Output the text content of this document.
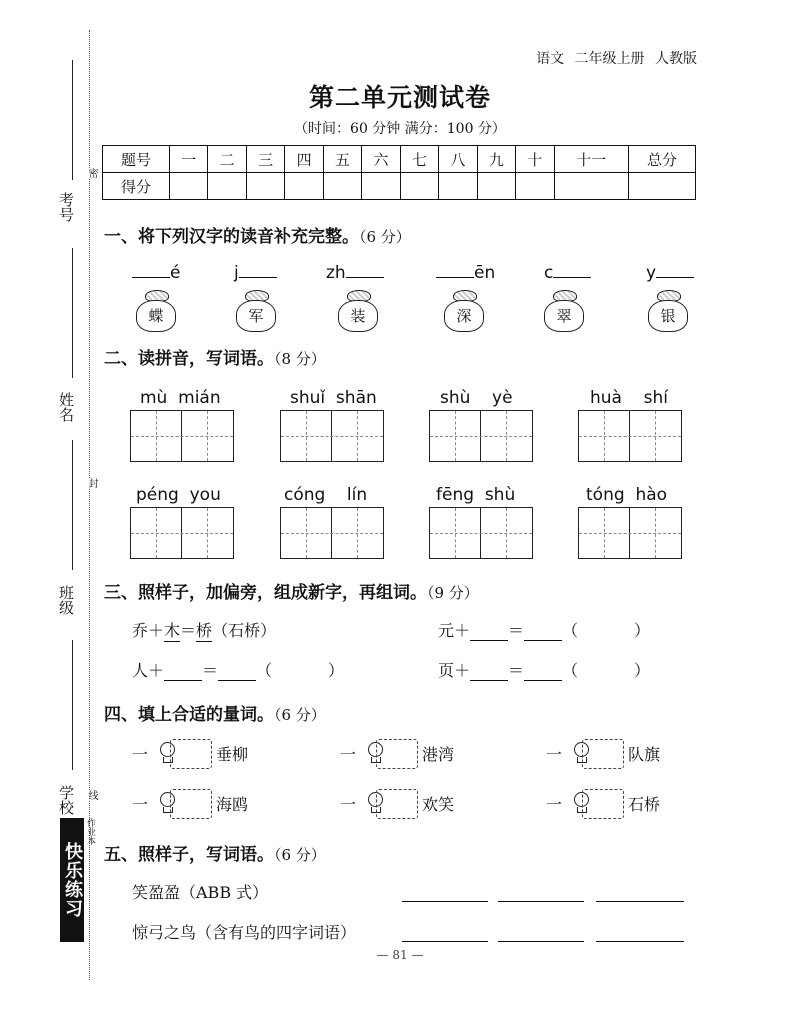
考号
姓名
班级
学校
密
封
线
快乐练习
作业本
语文 二年级上册 人教版
第二单元测试卷
（时间：60 分钟 满分：100 分）
题号	一	二	三	四	五	六	七	八	九	十	十一	总分
得分												
一、将下列汉字的读音补充完整。（6 分）
é	j	zh	ēn	c	y
蝶	军	装	深	翠	银
二、读拼音，写词语。（8 分）
mù  mián	shuǐ  shān	shù    yè	huà    shí
péng  you	cóng    lín	fēng  shù	tóng  hào
三、照样子，加偏旁，组成新字，再组词。（9 分）
乔＋木＝桥（石桥）	元＋ ＝ （	）
人＋ ＝ （	）	页＋ ＝ （	）
四、填上合适的量词。（6 分）
一	垂柳	一	港湾	一	队旗
一	海鸥	一	欢笑	一	石桥
五、照样子，写词语。（6 分）
笑盈盈（ABB 式）
惊弓之鸟（含有鸟的四字词语）
— 81 —
